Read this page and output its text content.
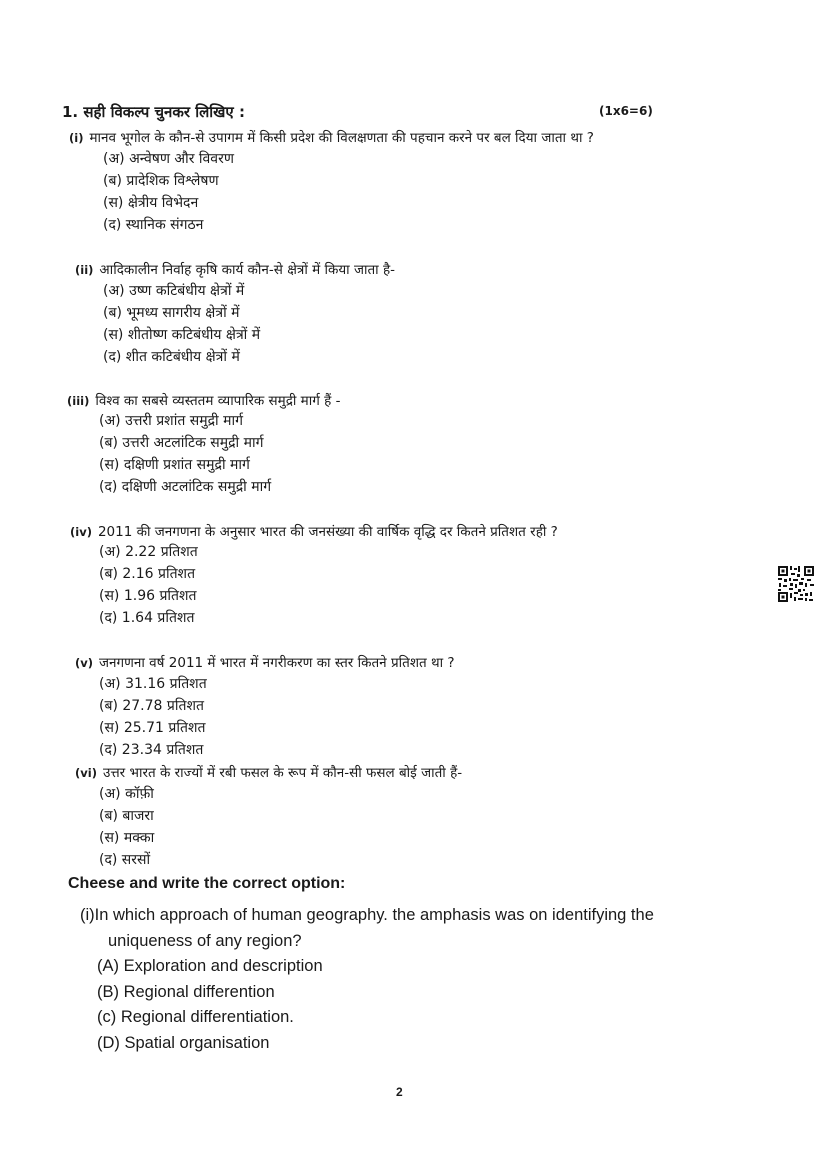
1. सही विकल्प चुनकर लिखिए :	(1x6=6)
(i) मानव भूगोल के कौन-से उपागम में किसी प्रदेश की विलक्षणता की पहचान करने पर बल दिया जाता था ?
(अ) अन्वेषण और विवरण
(ब) प्रादेशिक विश्लेषण
(स) क्षेत्रीय विभेदन
(द) स्थानिक संगठन
(ii) आदिकालीन निर्वाह कृषि कार्य कौन-से क्षेत्रों में किया जाता है-
(अ) उष्ण कटिबंधीय क्षेत्रों में
(ब) भूमध्य सागरीय क्षेत्रों में
(स) शीतोष्ण कटिबंधीय क्षेत्रों में
(द) शीत कटिबंधीय क्षेत्रों में
(iii) विश्व का सबसे व्यस्ततम व्यापारिक समुद्री मार्ग हैं -
(अ) उत्तरी प्रशांत समुद्री मार्ग
(ब) उत्तरी अटलांटिक समुद्री मार्ग
(स) दक्षिणी प्रशांत समुद्री मार्ग
(द) दक्षिणी अटलांटिक समुद्री मार्ग
(iv) 2011 की जनगणना के अनुसार भारत की जनसंख्या की वार्षिक वृद्धि दर कितने प्रतिशत रही ?
(अ) 2.22 प्रतिशत
(ब) 2.16 प्रतिशत
(स) 1.96 प्रतिशत
(द) 1.64 प्रतिशत
(v) जनगणना वर्ष 2011 में भारत में नगरीकरण का स्तर कितने प्रतिशत था ?
(अ) 31.16 प्रतिशत
(ब) 27.78 प्रतिशत
(स) 25.71 प्रतिशत
(द) 23.34 प्रतिशत
(vi) उत्तर भारत के राज्यों में रबी फसल के रूप में कौन-सी फसल बोई जाती हैं-
(अ) कॉफ़ी
(ब) बाजरा
(स) मक्का
(द) सरसों
Cheese and write the correct option:
(i)In which approach of human geography. the amphasis was on identifying the
uniqueness of any region?
(A) Exploration and description
(B) Regional differention
(c) Regional differentiation.
(D) Spatial organisation
2
